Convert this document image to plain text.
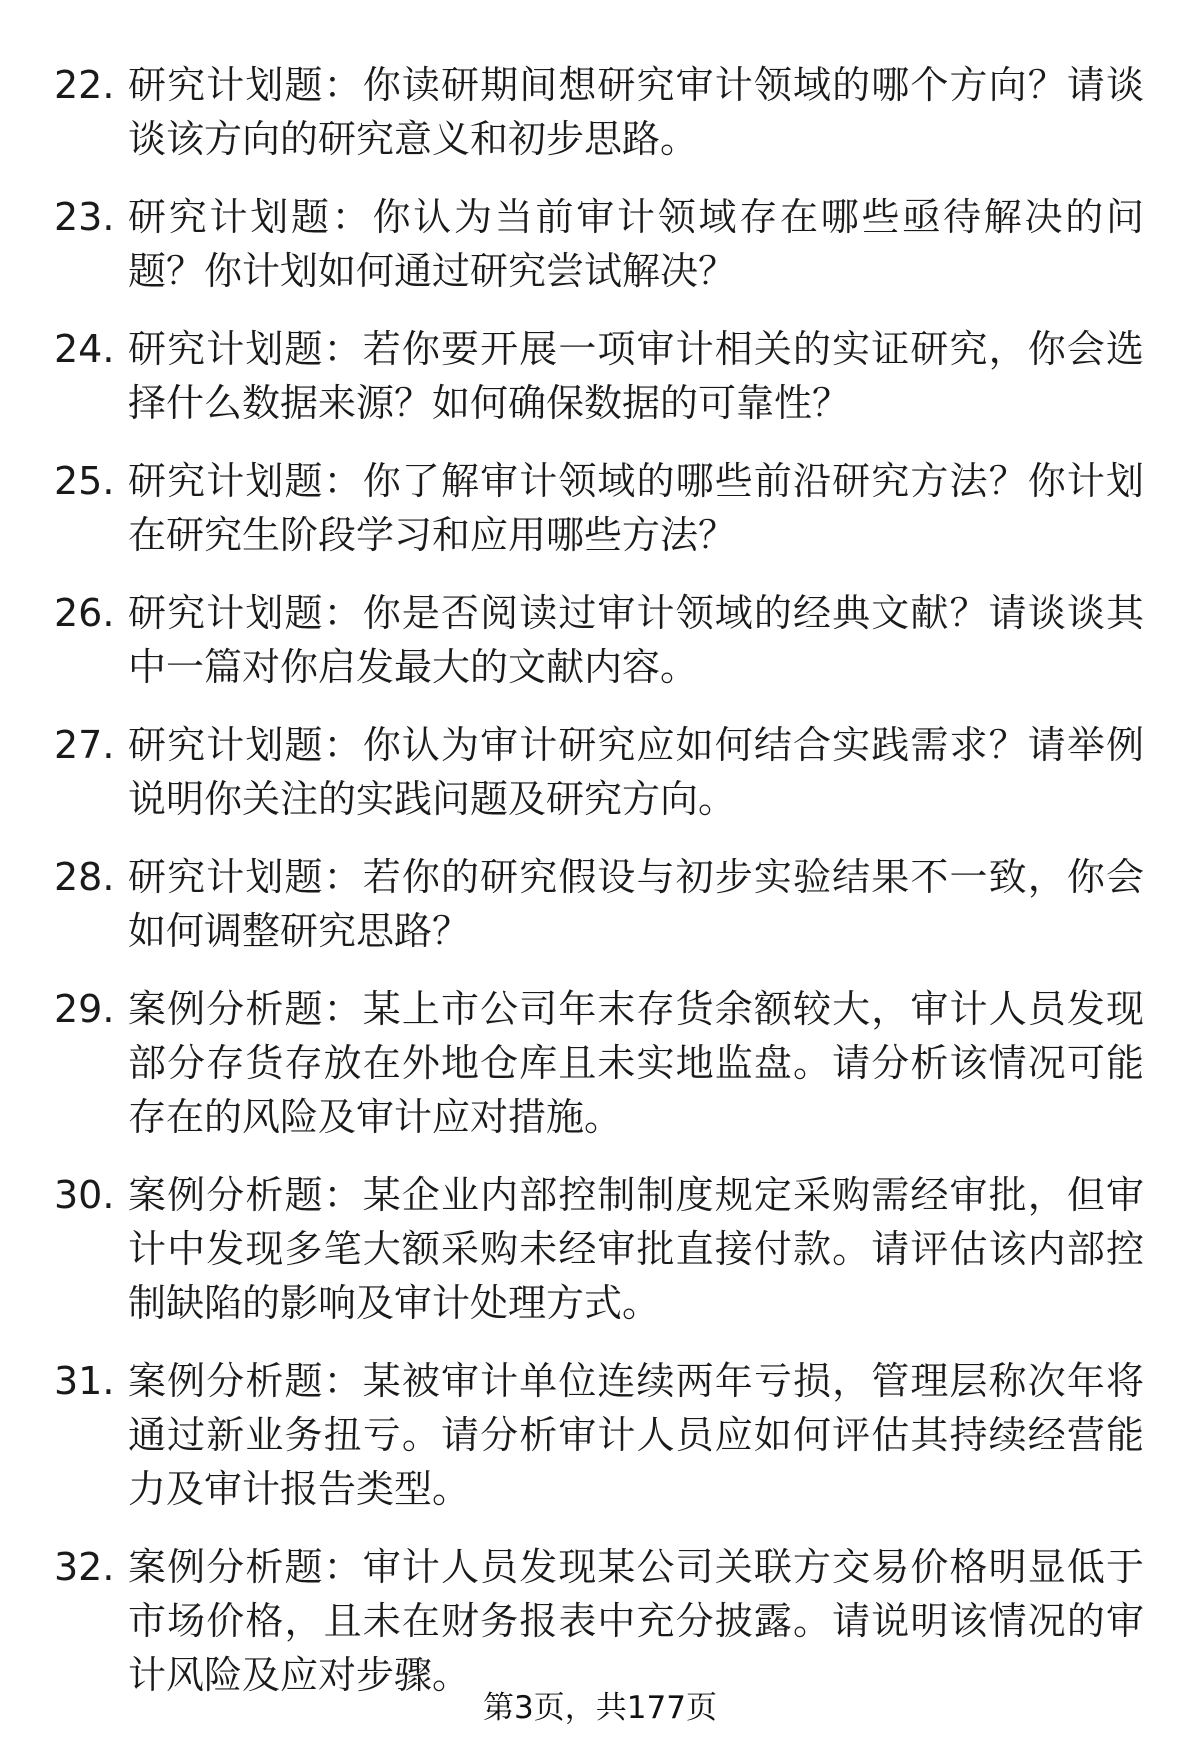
22. 研究计划题：你读研期间想研究审计领域的哪个方向？请谈谈该方向的研究意义和初步思路。
23. 研究计划题：你认为当前审计领域存在哪些亟待解决的问题？你计划如何通过研究尝试解决？
24. 研究计划题：若你要开展一项审计相关的实证研究，你会选择什么数据来源？如何确保数据的可靠性？
25. 研究计划题：你了解审计领域的哪些前沿研究方法？你计划在研究生阶段学习和应用哪些方法？
26. 研究计划题：你是否阅读过审计领域的经典文献？请谈谈其中一篇对你启发最大的文献内容。
27. 研究计划题：你认为审计研究应如何结合实践需求？请举例说明你关注的实践问题及研究方向。
28. 研究计划题：若你的研究假设与初步实验结果不一致，你会如何调整研究思路？
29. 案例分析题：某上市公司年末存货余额较大，审计人员发现部分存货存放在外地仓库且未实地监盘。请分析该情况可能存在的风险及审计应对措施。
30. 案例分析题：某企业内部控制制度规定采购需经审批，但审计中发现多笔大额采购未经审批直接付款。请评估该内部控制缺陷的影响及审计处理方式。
31. 案例分析题：某被审计单位连续两年亏损，管理层称次年将通过新业务扭亏。请分析审计人员应如何评估其持续经营能力及审计报告类型。
32. 案例分析题：审计人员发现某公司关联方交易价格明显低于市场价格，且未在财务报表中充分披露。请说明该情况的审计风险及应对步骤。
第3页，共177页
